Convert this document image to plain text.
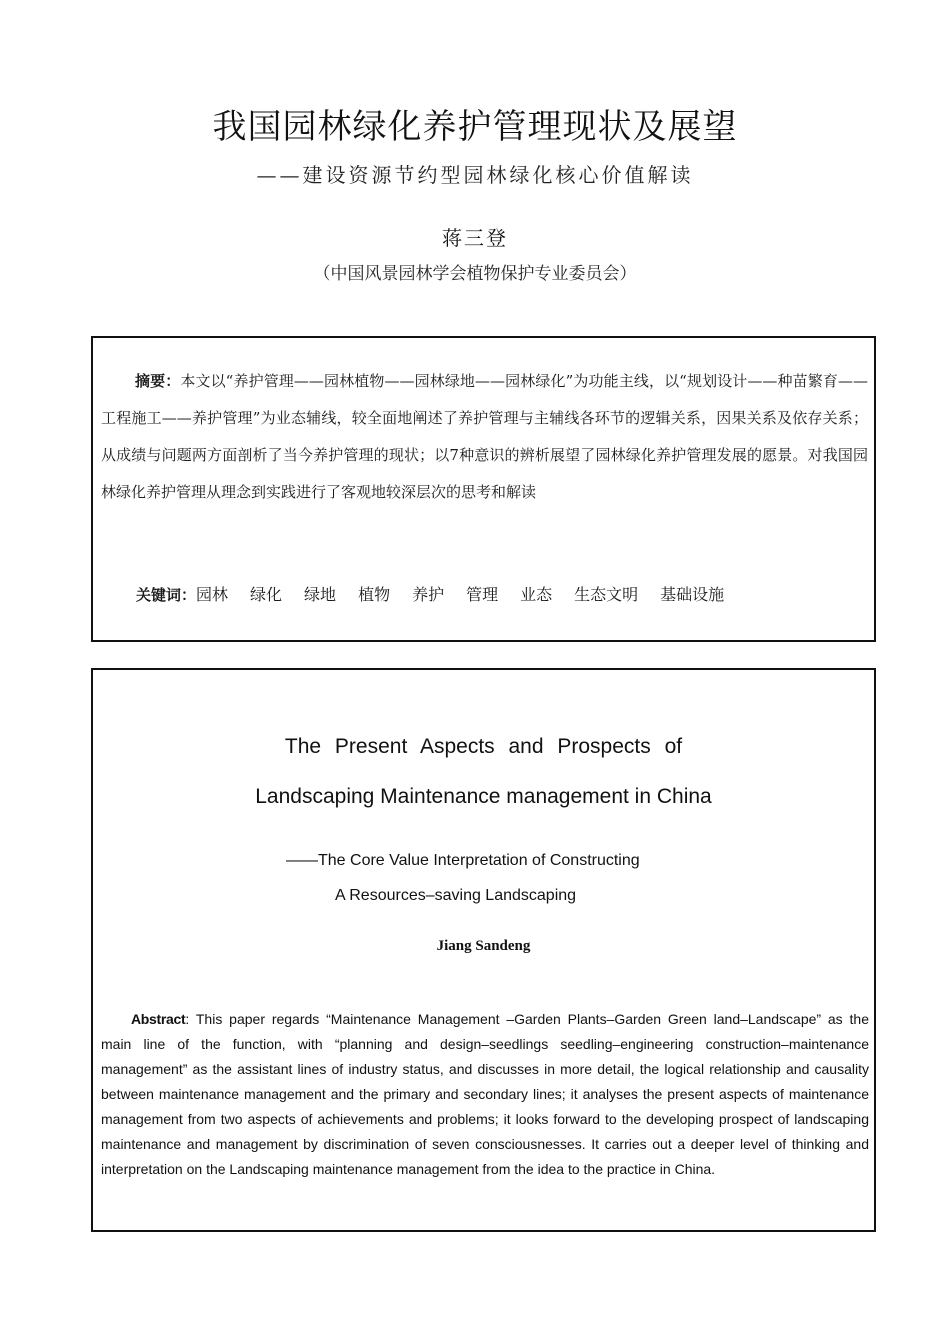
我国园林绿化养护管理现状及展望
——建设资源节约型园林绿化核心价值解读
蒋三登
（中国风景园林学会植物保护专业委员会）
摘要：本文以“养护管理——园林植物——园林绿地——园林绿化”为功能主线，以“规划设计——种苗繁育——工程施工——养护管理”为业态辅线，较全面地阐述了养护管理与主辅线各环节的逻辑关系，因果关系及依存关系；从成绩与问题两方面剖析了当今养护管理的现状；以7种意识的辨析展望了园林绿化养护管理发展的愿景。对我国园林绿化养护管理从理念到实践进行了客观地较深层次的思考和解读
关键词：园林 绿化 绿地 植物 养护 管理 业态 生态文明 基础设施
The Present Aspects and Prospects of
Landscaping Maintenance management in China
——The Core Value Interpretation of Constructing
A Resources–saving Landscaping
Jiang Sandeng
Abstract: This paper regards “Maintenance Management –Garden Plants–Garden Green land–Landscape” as the main line of the function, with “planning and design–seedlings seedling–engineering construction–maintenance management” as the assistant lines of industry status, and discusses in more detail, the logical relationship and causality between maintenance management and the primary and secondary lines; it analyses the present aspects of maintenance management from two aspects of achievements and problems; it looks forward to the developing prospect of landscaping maintenance and management by discrimination of seven consciousnesses. It carries out a deeper level of thinking and interpretation on the Landscaping maintenance management from the idea to the practice in China.
